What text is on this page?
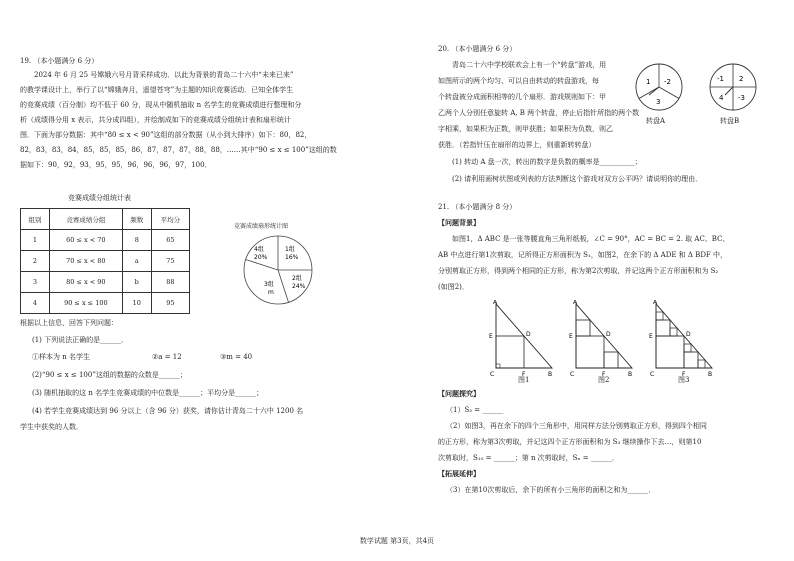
19. （本小题满分 6 分）
2024 年 6 月 25 号嫦娥六号月背采样成功．以此为背景的青岛二十六中“未来已来”
的教学课设计上，举行了以“嫦娥奔月，遥望苍穹”为主题的知识竞赛活动．已知全体学生
的竞赛成绩（百分制）均不低于 60 分，现从中随机抽取 n 名学生的竞赛成绩进行整理和分
析（成绩得分用 x 表示，共分成四组），并绘制成如下的竞赛成绩分组统计表和扇形统计
图．下面为部分数据：其中“80 ≤ x < 90”这组的部分数据（从小到大排序）如下：80，82，
82，83，83，84，85，85，85，86，87，87，87，88，88，……其中“90 ≤ x ≤ 100”这组的数
据如下：90，92，93，95，95，96，96，96，97，100．
竞赛成绩分组统计表
组别	竞赛成绩分组	频数	平均分
1	60 ≤ x < 70	8	65
2	70 ≤ x < 80	a	75
3	80 ≤ x < 90	b	88
4	90 ≤ x ≤ 100	10	95
竞赛成绩扇形统计图
1组
16%
2组
24%
3组
m
4组
20%
根据以上信息，回答下列问题：
(1) 下列说法正确的是______．
①样本为 n 名学生	②a = 12	③m = 40
(2)“90 ≤ x ≤ 100”这组的数据的众数是______；
(3) 随机抽取的这 n 名学生竞赛成绩的中位数是______；平均分是______；
(4) 若学生竞赛成绩达到 96 分以上（含 96 分）获奖，请你估计青岛二十六中 1200 名
学生中获奖的人数．
20. （本小题满分 6 分）
青岛二十六中学校联欢会上有一个“转盘”游戏，用
如图所示的两个均匀、可以自由转动的转盘游戏，每
个转盘被分成面积相等的几个扇形．游戏规则如下：甲
乙两个人分别任意旋转 A, B 两个转盘，停止后指针所指的两个数
字相乘，如果积为正数，则甲获胜；如果积为负数，则乙
获胜．（若指针压在扇形的边界上，则重新转转盘）
(1) 转动 A 盘一次，转出的数字是负数的概率是__________；
(2) 请利用画树状图或列表的方法判断这个游戏对双方公平吗？请说明你的理由．
1 -2
3
转盘A
-1 2
4 -3
转盘B
21. （本小题满分 8 分）
【问题背景】
如图1，Δ ABC 是一张等腰直角三角形纸板，∠C = 90°，AC = BC = 2. 取 AC、BC、
AB 中点进行第1次剪取，记所得正方形面积为 S₁，如图2，在余下的 Δ ADE 和 Δ BDF 中，
分别剪取正方形，得到两个相同的正方形，称为第2次剪取，并记这两个正方形面积和为 S₂
(如图2)．
A
E	D
C	F	B
图1
A
E	D
C	F	B
图2
A
E	D
C	F	B
图3
【问题探究】
（1）S₂ = ______
（2）如图3，再在余下的四个三角形中，用同样方法分别剪取正方形，得到四个相同
的正方形，称为第3次剪取，并记这四个正方形面积和为 S₃ 继续操作下去…，则第10
次剪取时，S₁₀ = ______；第 n 次剪取时，Sₙ = ______．
【拓展延伸】
（3）在第10次剪取后，余下的所有小三角形的面积之和为______．
数学试题 第3页，共4页
